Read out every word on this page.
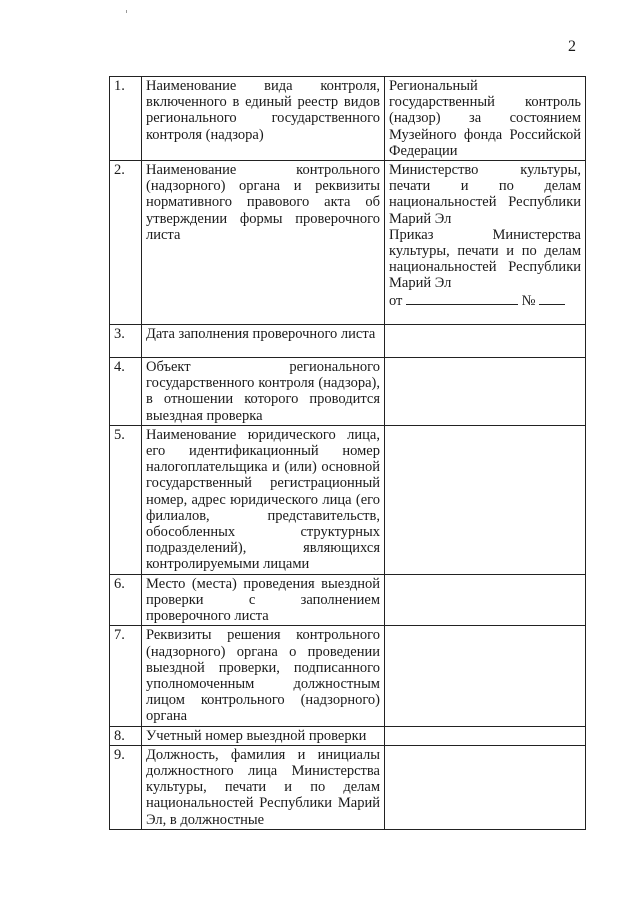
2
1.	Наименование вида контроля, включенного в единый реестр видов регионального государственного контроля (надзора)	Региональный государственный контроль (надзор) за состоянием Музейного фонда Российской Федерации
2.	Наименование контрольного (надзорного) органа и реквизиты нормативного правового акта об утверждении формы проверочного листа	Министерство культуры, печати и по делам национальностей Республики Марий Эл
Приказ Министерства культуры, печати и по делам национальностей Республики Марий Эл
от №

3.	Дата заполнения проверочного листа	
4.	Объект регионального государственного контроля (надзора), в отношении которого проводится выездная проверка	
5.	Наименование юридического лица, его идентификационный номер налогоплательщика и (или) основной государственный регистрационный номер, адрес юридического лица (его филиалов, представительств, обособленных структурных подразделений), являющихся контролируемыми лицами	
6.	Место (места) проведения выездной проверки с заполнением проверочного листа	
7.	Реквизиты решения контрольного (надзорного) органа о проведении выездной проверки, подписанного уполномоченным должностным лицом контрольного (надзорного) органа	
8.	Учетный номер выездной проверки	
9.	Должность, фамилия и инициалы должностного лица Министерства культуры, печати и по делам национальностей Республики Марий Эл, в должностные	
